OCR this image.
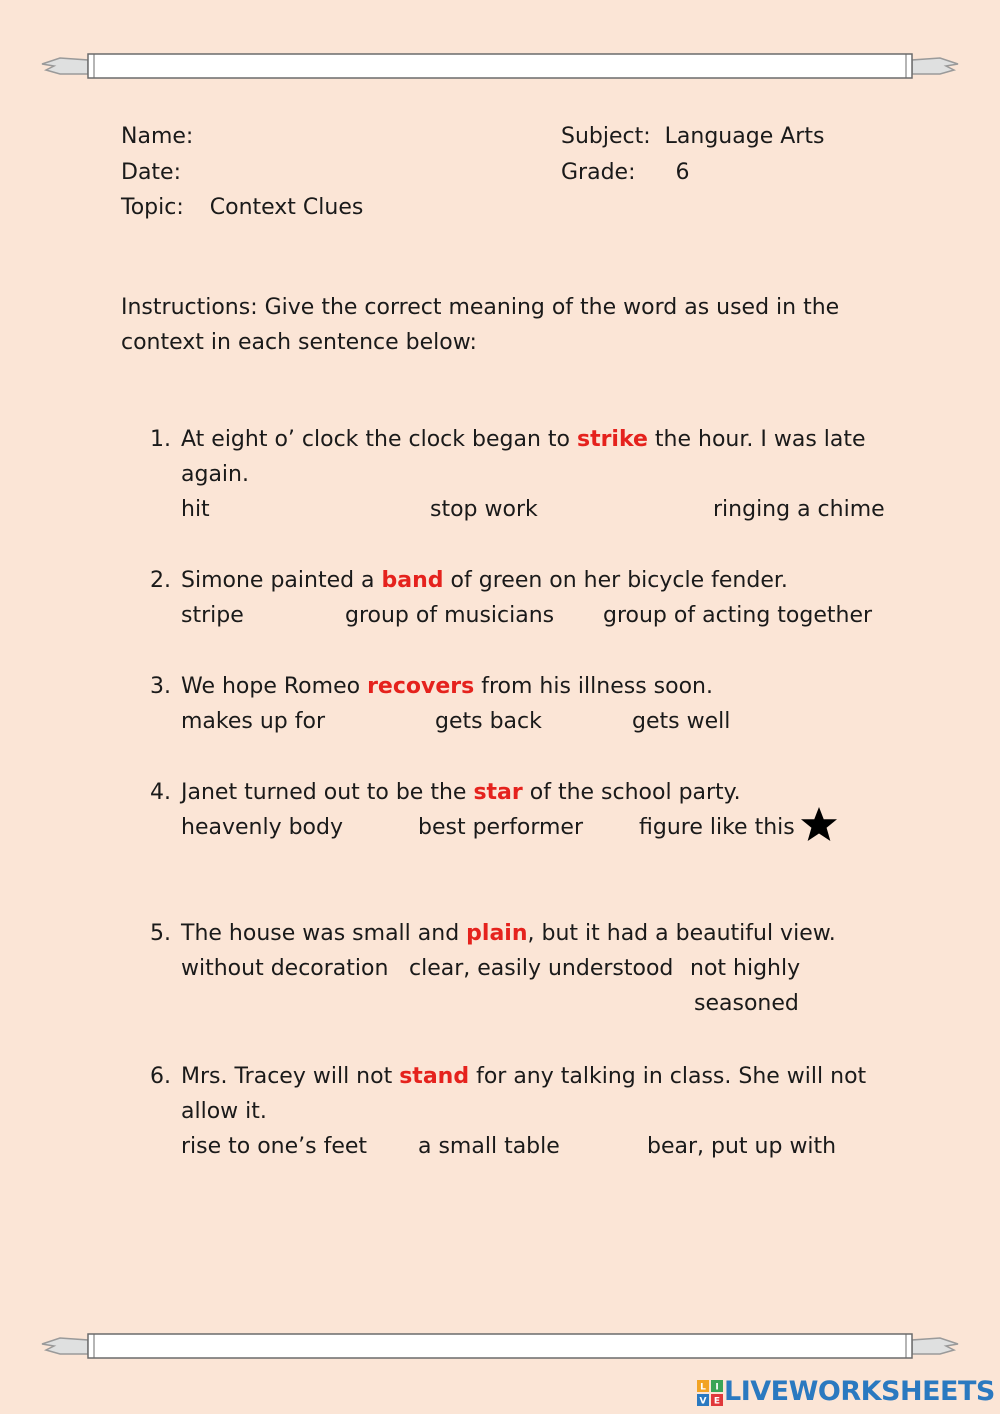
Name:
Date:
Topic: Context Clues
Subject: Language Arts
Grade: 6
Instructions: Give the correct meaning of the word as used in the context in each sentence below:
1. At eight o’ clock the clock began to strike the hour. I was late again.
hit	stop work	ringing a chime
2. Simone painted a band of green on her bicycle fender.
stripe	group of musicians group of acting together
3. We hope Romeo recovers from his illness soon.
makes up for	gets back	gets well
4. Janet turned out to be the star of the school party.
heavenly body	best performer	figure like this
5. The house was small and plain, but it had a beautiful view.
without decoration clear, easily understood not highly
seasoned
6. Mrs. Tracey will not stand for any talking in class. She will not allow it.
rise to one’s feet a small table	bear, put up with
L I
V E LIVEWORKSHEETS
